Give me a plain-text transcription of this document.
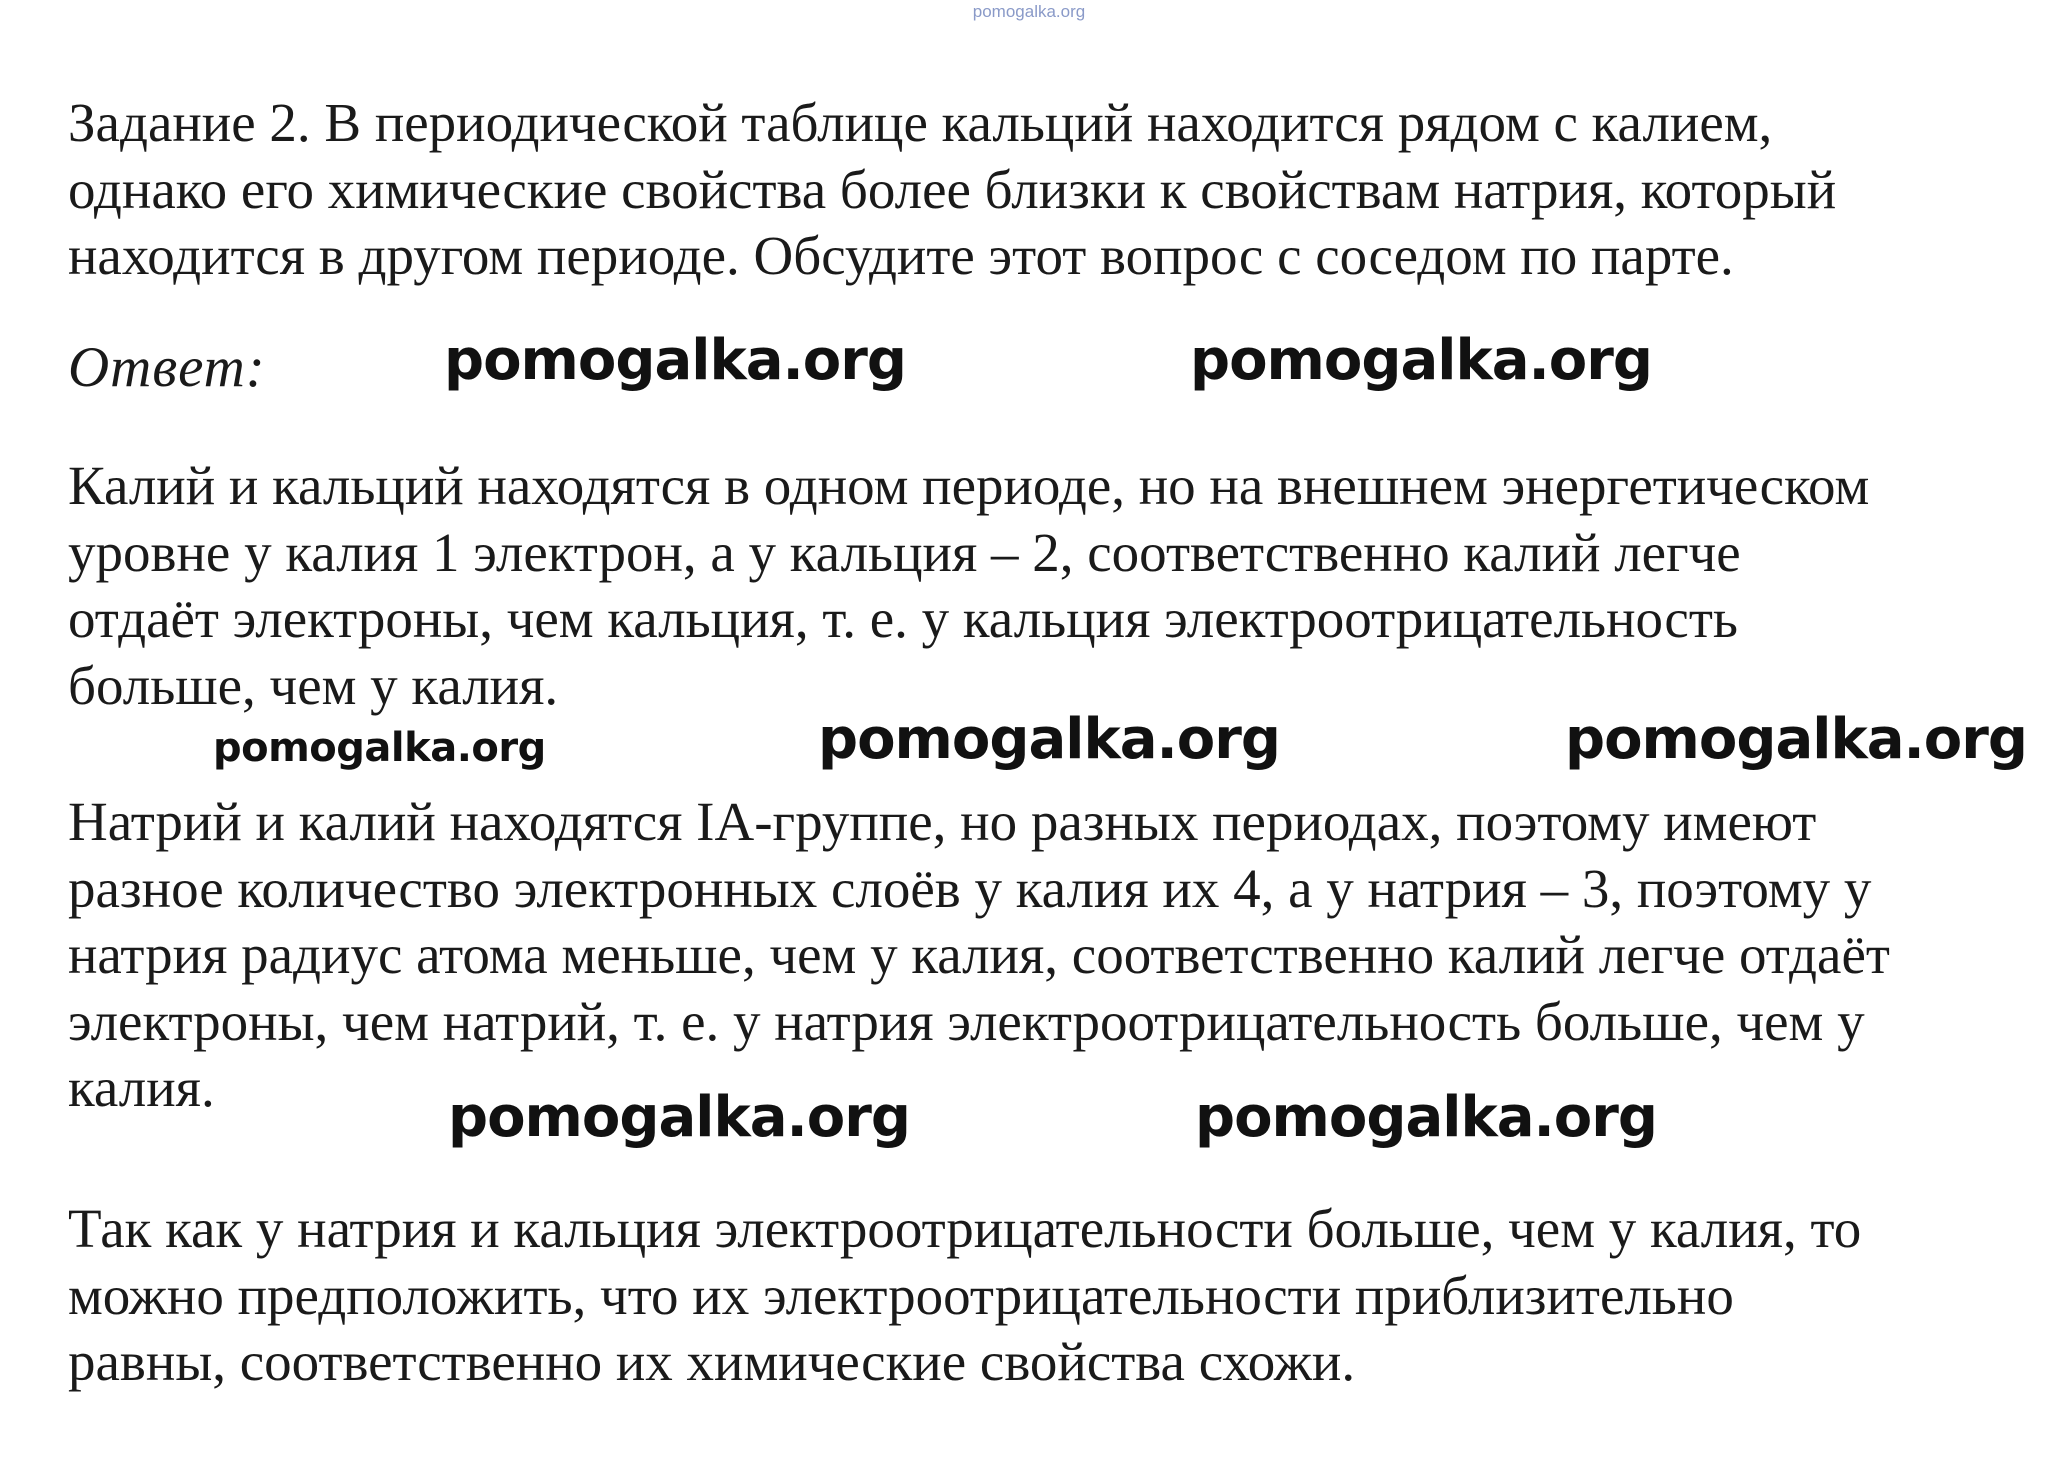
pomogalka.org
Задание 2. В периодической таблице кальций находится рядом с калием,
однако его химические свойства более близки к свойствам натрия, который
находится в другом периоде. Обсудите этот вопрос с соседом по парте.
Ответ:
Калий и кальций находятся в одном периоде, но на внешнем энергетическом
уровне у калия 1 электрон, а у кальция – 2, соответственно калий легче
отдаёт электроны, чем кальция, т. е. у кальция электроотрицательность
больше, чем у калия.
Натрий и калий находятся IA-группе, но разных периодах, поэтому имеют
разное количество электронных слоёв у калия их 4, а у натрия – 3, поэтому у
натрия радиус атома меньше, чем у калия, соответственно калий легче отдаёт
электроны, чем натрий, т. е. у натрия электроотрицательность больше, чем у
калия.
Так как у натрия и кальция электроотрицательности больше, чем у калия, то
можно предположить, что их электроотрицательности приблизительно
равны, соответственно их химические свойства схожи.
pomogalka.org	pomogalka.org
pomogalka.org	pomogalka.org	pomogalka.org
pomogalka.org	pomogalka.org
